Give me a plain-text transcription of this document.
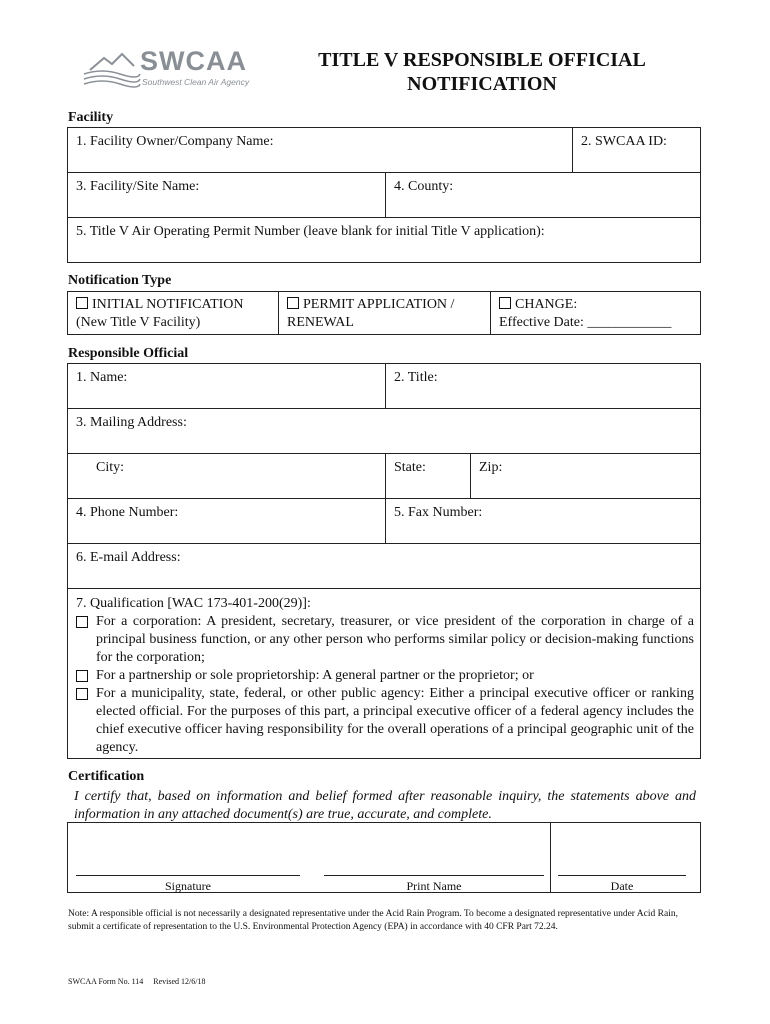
SWCAA
Southwest Clean Air Agency
TITLE V RESPONSIBLE OFFICIAL
NOTIFICATION
Facility
1. Facility Owner/Company Name:	2. SWCAA ID:
3. Facility/Site Name:	4. County:
5. Title V Air Operating Permit Number (leave blank for initial Title V application):
Notification Type
INITIAL NOTIFICATION
(New Title V Facility)
PERMIT APPLICATION /
RENEWAL
CHANGE:
Effective Date: ____________
Responsible Official
1. Name:	2. Title:
3. Mailing Address:
City:	State:	Zip:
4. Phone Number:	5. Fax Number:
6. E-mail Address:

7. Qualification [WAC 173-401-200(29)]:

For a corporation: A president, secretary, treasurer, or vice president of the corporation in charge of a principal business function, or any other person who performs similar policy or decision-making functions for the corporation;
For a partnership or sole proprietorship: A general partner or the proprietor; or
For a municipality, state, federal, or other public agency: Either a principal executive officer or ranking elected official. For the purposes of this part, a principal executive officer of a federal agency includes the chief executive officer having responsibility for the overall operations of a principal geographic unit of the agency.
Certification
I certify that, based on information and belief formed after reasonable inquiry, the statements above and information in any attached document(s) are true, accurate, and complete.
Signature	Print Name	Date
Note: A responsible official is not necessarily a designated representative under the Acid Rain Program. To become a designated representative under Acid Rain, submit a certificate of representation to the U.S. Environmental Protection Agency (EPA) in accordance with 40 CFR Part 72.24.
SWCAA Form No. 114     Revised 12/6/18
